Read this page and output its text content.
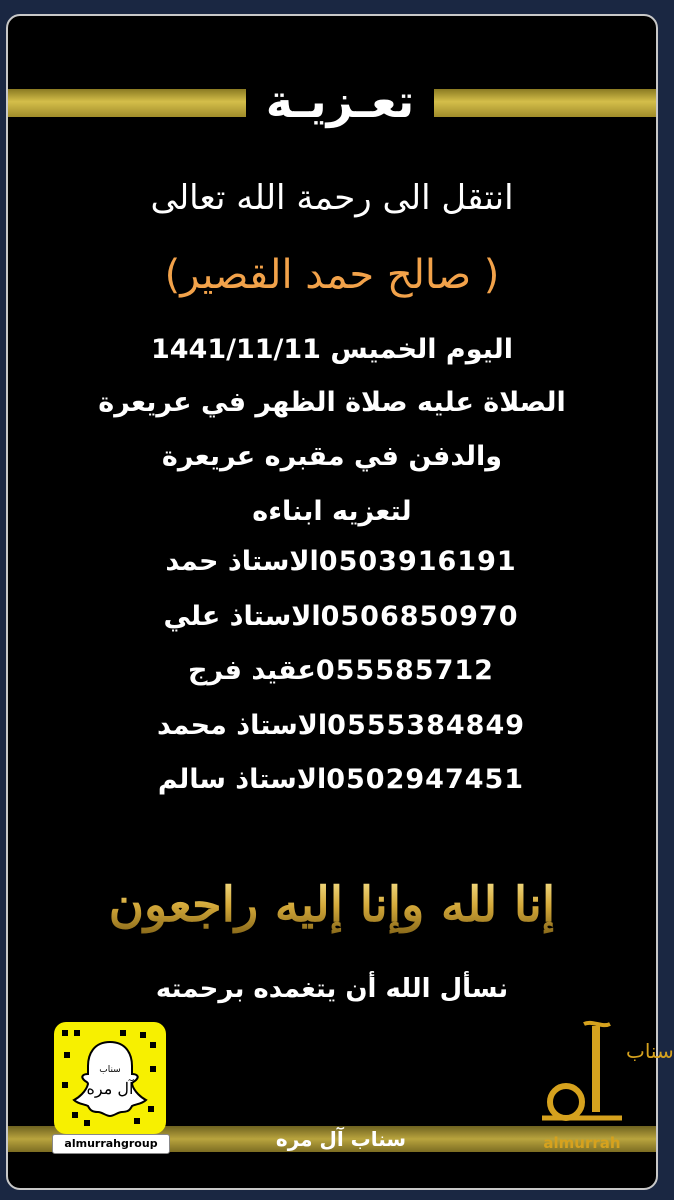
تعـزيـة
انتقل الى رحمة الله تعالى
( صالح حمد القصير)
اليوم الخميس 1441/11/11
الصلاة عليه صلاة الظهر في عريعرة
والدفن في مقبره عريعرة
لتعزيه ابناءه
الاستاذ حمد0503916191
الاستاذ علي0506850970
عقيد فرج055585712
الاستاذ محمد0555384849
الاستاذ سالم0502947451
إنا لله وإنا إليه راجعون
نسأل الله أن يتغمده برحمته
سناب آل مره
سناب
آل مره
almurrahgroup
سناب
almurrah
